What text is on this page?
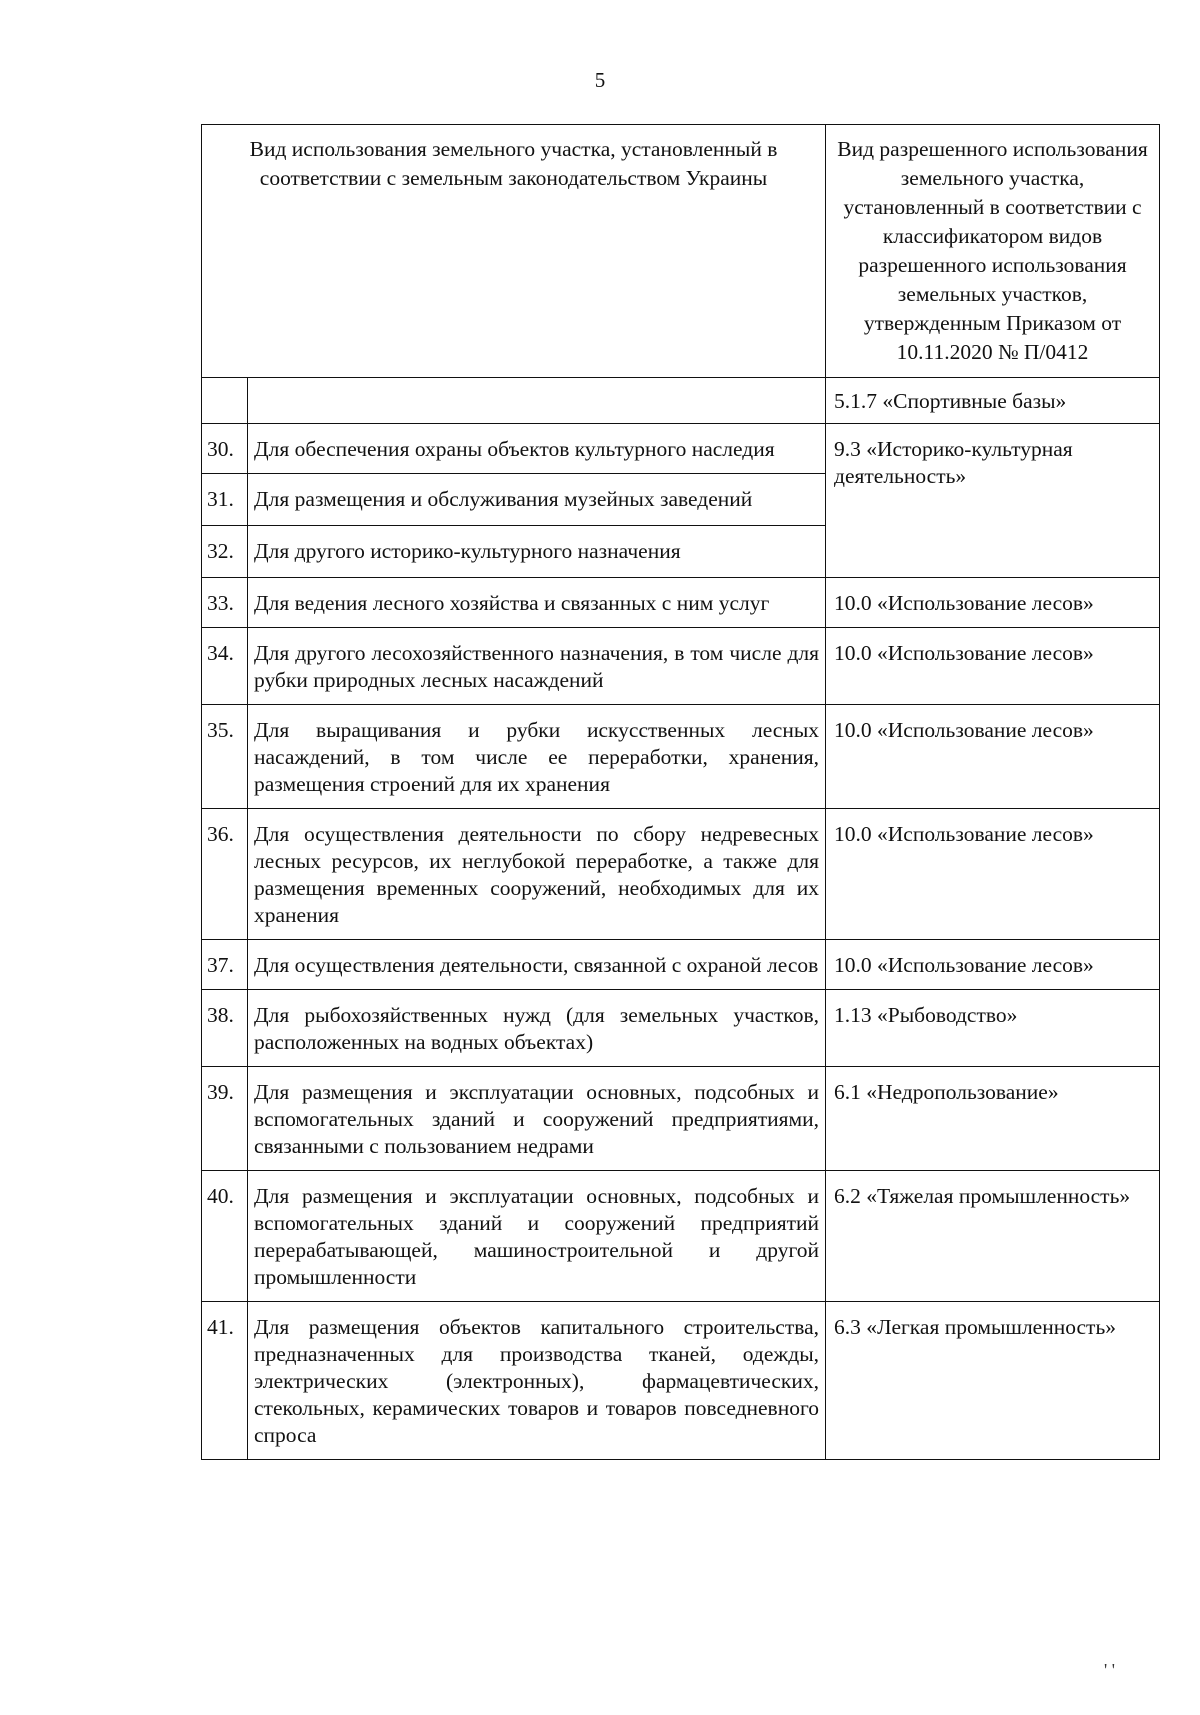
5
Вид использования земельного участка, установленный в соответствии с земельным законодательством Украины		Вид разрешенного использования земельного участка, установленный в соответствии с классификатором видов разрешенного использования земельных участков, утвержденным Приказом от 10.11.2020 № П/0412
		5.1.7 «Спортивные базы»
30.	Для обеспечения охраны объектов культурного наследия	9.3 «Историко-культурная деятельность»
31.	Для размещения и обслуживания музейных заведений	
32.	Для другого историко-культурного назначения	
33.	Для ведения лесного хозяйства и связанных с ним услуг	10.0 «Использование лесов»
34.	Для другого лесохозяйственного назначения, в том числе для рубки природных лесных насаждений	10.0 «Использование лесов»
35.	Для выращивания и рубки искусственных лесных насаждений, в том числе ее переработки, хранения, размещения строений для их хранения	10.0 «Использование лесов»
36.	Для осуществления деятельности по сбору недревесных лесных ресурсов, их неглубокой переработке, а также для размещения временных сооружений, необходимых для их хранения	10.0 «Использование лесов»
37.	Для осуществления деятельности, связанной с охраной лесов	10.0 «Использование лесов»
38.	Для рыбохозяйственных нужд (для земельных участков, расположенных на водных объектах)	1.13 «Рыбоводство»
39.	Для размещения и эксплуатации основных, подсобных и вспомогательных зданий и сооружений предприятиями, связанными с пользованием недрами	6.1 «Недропользование»
40.	Для размещения и эксплуатации основных, подсобных и вспомогательных зданий и сооружений предприятий перерабатывающей, машиностроительной и другой промышленности	6.2 «Тяжелая промышленность»
41.	Для размещения объектов капитального строительства, предназначенных для производства тканей, одежды, электрических (электронных), фармацевтических, стекольных, керамических товаров и товаров повседневного спроса	6.3 «Легкая промышленность»
' '
